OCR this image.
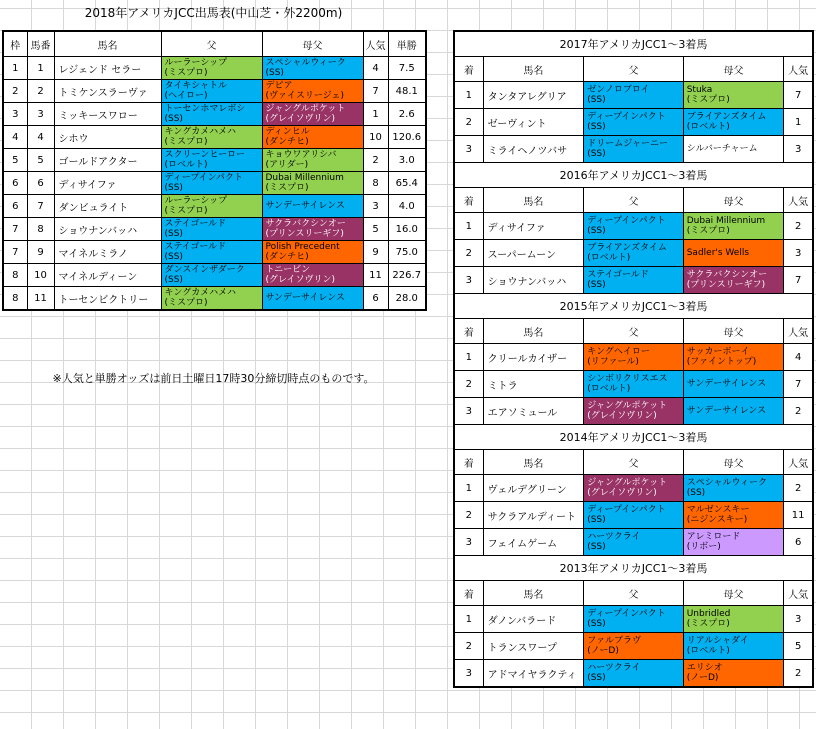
2018年アメリカJCC出馬表(中山芝・外2200m)
枠	馬番	馬名	父	母父	人気	単勝
1	1	レジェンド セラー	ルーラーシップ
(ミスプロ)	スペシャルウィーク
(SS)	4	7.5
2	2	トミケンスラーヴァ	タイキシャトル
(ヘイロー)	デピア
(ヴァイスリージェ)	7	48.1
3	3	ミッキースワロー	トーセンホマレボシ
(SS)	ジャングルポケット
(グレイソヴリン)	1	2.6
4	4	シホウ	キングカメハメハ
(ミスプロ)	ディンヒル
(ダンチヒ)	10	120.6
5	5	ゴールドアクター	スクリーンヒーロー
(ロベルト)	キョウワアリシバ
(アリダー)	2	3.0
6	6	ディサイファ	ディープインパクト
(SS)	Dubai Millennium
(ミスプロ)	8	65.4
6	7	ダンビュライト	ルーラーシップ
(ミスプロ)	サンデーサイレンス	3	4.0
7	8	ショウナンバッハ	ステイゴールド
(SS)	サクラバクシンオー
(プリンスリーギフ)	5	16.0
7	9	マイネルミラノ	ステイゴールド
(SS)	Polish Precedent
(ダンチヒ)	9	75.0
8	10	マイネルディーン	ダンスインザダーク
(SS)	トニービン
(グレイソヴリン)	11	226.7
8	11	トーセンビクトリー	キングカメハメハ
(ミスプロ)	サンデーサイレンス	6	28.0
※人気と単勝オッズは前日土曜日17時30分締切時点のものです。
2017年アメリカJCC1～3着馬				
着	馬名	父	母父	人気
1	タンタアレグリア	ゼンノロブロイ
(SS)	Stuka
(ミスプロ)	7
2	ゼーヴィント	ディープインパクト
(SS)	ブライアンズタイム
(ロベルト)	1
3	ミライヘノツバサ	ドリームジャーニー
(SS)	シルバーチャーム	3
2016年アメリカJCC1～3着馬				
着	馬名	父	母父	人気
1	ディサイファ	ディープインパクト
(SS)	Dubai Millennium
(ミスプロ)	2
2	スーパームーン	ブライアンズタイム
(ロベルト)	Sadler's Wells	3
3	ショウナンバッハ	ステイゴールド
(SS)	サクラバクシンオー
(プリンスリーギフ)	7
2015年アメリカJCC1～3着馬				
着	馬名	父	母父	人気
1	クリールカイザー	キングヘイロー
(リファール)	サッカーボーイ
(ファイントップ)	4
2	ミトラ	シンボリクリスエス
(ロベルト)	サンデーサイレンス	7
3	エアソミュール	ジャングルポケット
(グレイソヴリン)	サンデーサイレンス	2
2014年アメリカJCC1～3着馬				
着	馬名	父	母父	人気
1	ヴェルデグリーン	ジャングルポケット
(グレイソヴリン)	スペシャルウィーク
(SS)	2
2	サクラアルディート	ディープインパクト
(SS)	マルゼンスキー
(ニジンスキー)	11
3	フェイムゲーム	ハーツクライ
(SS)	アレミロード
(リボー)	6
2013年アメリカJCC1～3着馬				
着	馬名	父	母父	人気
1	ダノンバラード	ディープインパクト
(SS)	Unbridled
(ミスプロ)	3
2	トランスワープ	ファルブラヴ
(ノーD)	リアルシャダイ
(ロベルト)	5
3	アドマイヤラクティ	ハーツクライ
(SS)	エリシオ
(ノーD)	2
